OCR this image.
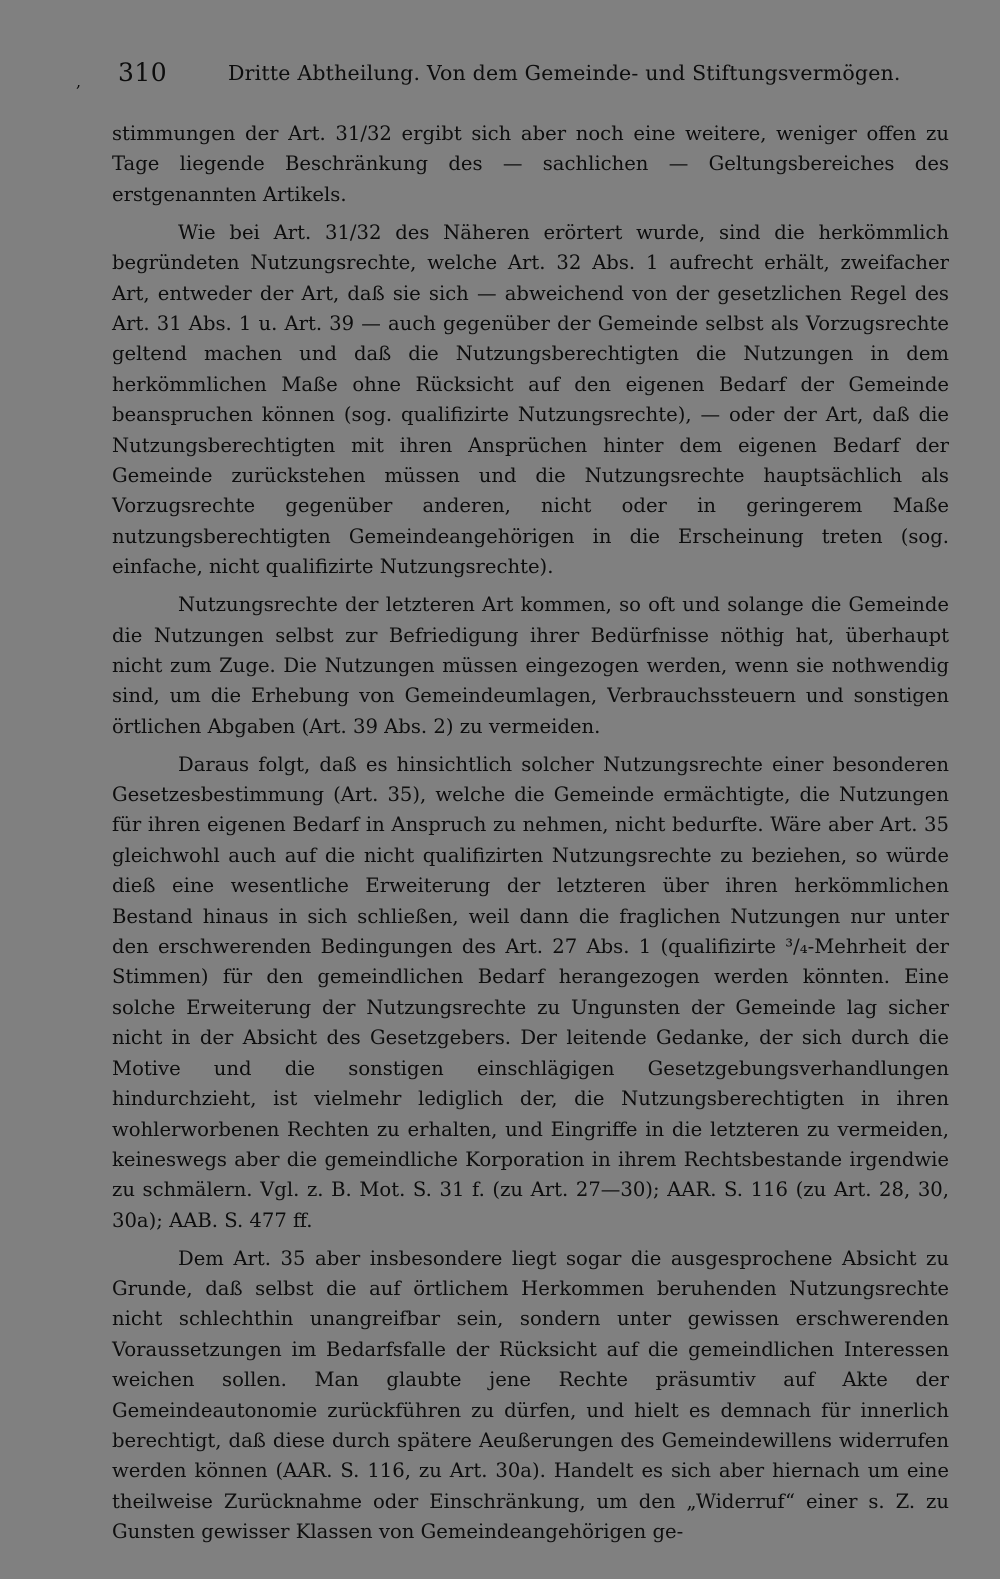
, 310	Dritte Abtheilung. Von dem Gemeinde- und Stiftungsvermögen.

stimmungen der Art. 31/32 ergibt sich aber noch eine weitere, weniger offen zu Tage liegende Beschränkung des — sachlichen — Geltungsbereiches des erstgenannten Artikels.

Wie bei Art. 31/32 des Näheren erörtert wurde, sind die herkömmlich begründeten Nutzungsrechte, welche Art. 32 Abs. 1 aufrecht erhält, zweifacher Art, entweder der Art, daß sie sich — abweichend von der gesetzlichen Regel des Art. 31 Abs. 1 u. Art. 39 — auch gegenüber der Gemeinde selbst als Vorzugsrechte geltend machen und daß die Nutzungsberechtigten die Nutzungen in dem herkömmlichen Maße ohne Rücksicht auf den eigenen Bedarf der Gemeinde beanspruchen können (sog. qualifizirte Nutzungsrechte), — oder der Art, daß die Nutzungsberechtigten mit ihren Ansprüchen hinter dem eigenen Bedarf der Gemeinde zurückstehen müssen und die Nutzungsrechte hauptsächlich als Vorzugsrechte gegenüber anderen, nicht oder in geringerem Maße nutzungsberechtigten Gemeindeangehörigen in die Erscheinung treten (sog. einfache, nicht qualifizirte Nutzungsrechte).

Nutzungsrechte der letzteren Art kommen, so oft und solange die Gemeinde die Nutzungen selbst zur Befriedigung ihrer Bedürfnisse nöthig hat, überhaupt nicht zum Zuge. Die Nutzungen müssen eingezogen werden, wenn sie nothwendig sind, um die Erhebung von Gemeindeumlagen, Verbrauchssteuern und sonstigen örtlichen Abgaben (Art. 39 Abs. 2) zu vermeiden.

Daraus folgt, daß es hinsichtlich solcher Nutzungsrechte einer besonderen Gesetzesbestimmung (Art. 35), welche die Gemeinde ermächtigte, die Nutzungen für ihren eigenen Bedarf in Anspruch zu nehmen, nicht bedurfte. Wäre aber Art. 35 gleichwohl auch auf die nicht qualifizirten Nutzungsrechte zu beziehen, so würde dieß eine wesentliche Erweiterung der letzteren über ihren herkömmlichen Bestand hinaus in sich schließen, weil dann die fraglichen Nutzungen nur unter den erschwerenden Bedingungen des Art. 27 Abs. 1 (qualifizirte ³/₄-Mehrheit der Stimmen) für den gemeindlichen Bedarf herangezogen werden könnten. Eine solche Erweiterung der Nutzungsrechte zu Ungunsten der Gemeinde lag sicher nicht in der Absicht des Gesetzgebers. Der leitende Gedanke, der sich durch die Motive und die sonstigen einschlägigen Gesetzgebungsverhandlungen hindurchzieht, ist vielmehr lediglich der, die Nutzungsberechtigten in ihren wohlerworbenen Rechten zu erhalten, und Eingriffe in die letzteren zu vermeiden, keineswegs aber die gemeindliche Korporation in ihrem Rechtsbestande irgendwie zu schmälern. Vgl. z. B. Mot. S. 31 f. (zu Art. 27—30); AAR. S. 116 (zu Art. 28, 30, 30a); AAB. S. 477 ff.

Dem Art. 35 aber insbesondere liegt sogar die ausgesprochene Absicht zu Grunde, daß selbst die auf örtlichem Herkommen beruhenden Nutzungsrechte nicht schlechthin unangreifbar sein, sondern unter gewissen erschwerenden Voraussetzungen im Bedarfsfalle der Rücksicht auf die gemeindlichen Interessen weichen sollen. Man glaubte jene Rechte präsumtiv auf Akte der Gemeindeautonomie zurückführen zu dürfen, und hielt es demnach für innerlich berechtigt, daß diese durch spätere Aeußerungen des Gemeindewillens widerrufen werden können (AAR. S. 116, zu Art. 30a). Handelt es sich aber hiernach um eine theilweise Zurücknahme oder Einschränkung, um den „Widerruf“ einer s. Z. zu Gunsten gewisser Klassen von Gemeindeangehörigen ge-
